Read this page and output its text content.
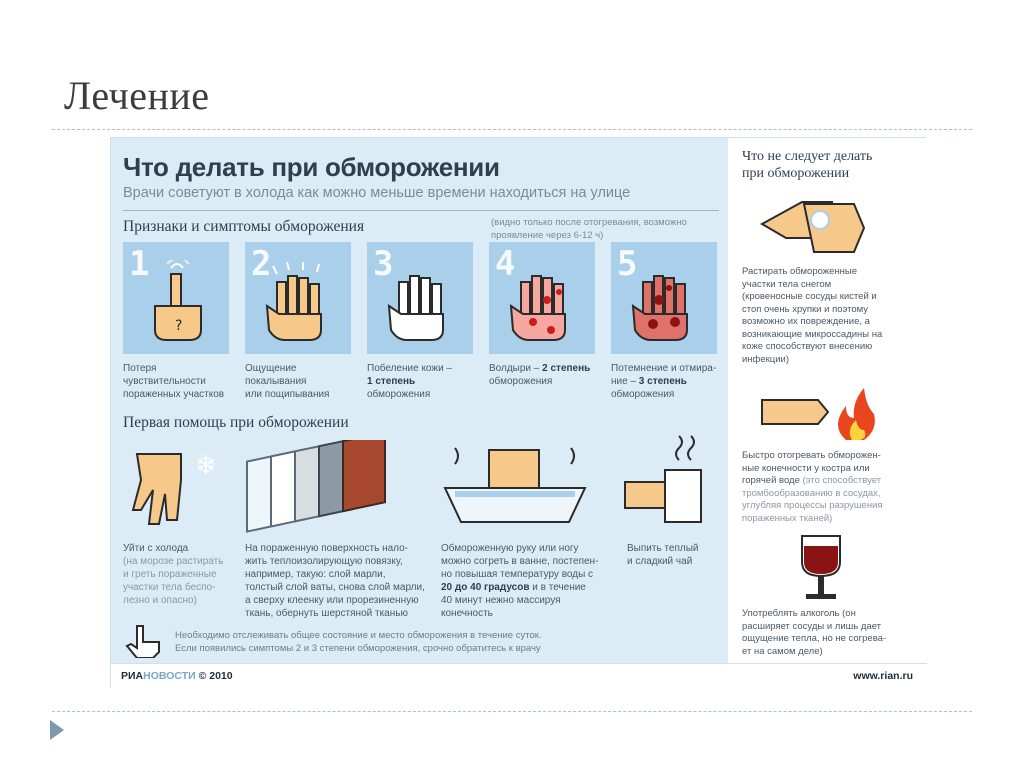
Лечение
Что делать при обморожении
Врачи советуют в холода как можно меньше времени находиться на улице
Признаки и симптомы обморожения	(видно только после отогревания, возможно проявление через 6-12 ч)
1
?
Потеря
чувствительности
пораженных участков
2
Ощущение
покалывания
или пощипывания
3
Побеление кожи –
1 степень
обморожения
4
Волдыри – 2 степень
обморожения
5
Потемнение и отмира-
ние – 3 степень
обморожения
Первая помощь при обморожении
❄
Уйти с холода
(на морозе растирать
и греть пораженные
участки тела беспо-
лезно и опасно)
На пораженную поверхность нало-
жить теплоизолирующую повязку,
например, такую: слой марли,
толстый слой ваты, снова слой марли,
а сверху клеенку или прорезиненную
ткань, обернуть шерстяной тканью
Обмороженную руку или ногу
можно согреть в ванне, постепен-
но повышая температуру воды с
20 до 40 градусов и в течение
40 минут нежно массируя
конечность
Выпить теплый
и сладкий чай
Необходимо отслеживать общее состояние и место обморожения в течение суток.
Если появились симптомы 2 и 3 степени обморожения, срочно обратитесь к врачу
Что не следует делать
при обморожении
Растирать обмороженные
участки тела снегом
(кровеносные сосуды кистей и
стоп очень хрупки и поэтому
возможно их повреждение, а
возникающие микроссадины на
коже способствуют внесению
инфекции)
Быстро отогревать обморожен-
ные конечности у костра или
горячей воде (это способствует
тромбообразованию в сосудах,
углубляя процессы разрушения
пораженных тканей)
Употреблять алкоголь (он
расширяет сосуды и лишь дает
ощущение тепла, но не согрева-
ет на самом деле)
РИАНОВОСТИ © 2010	www.rian.ru
